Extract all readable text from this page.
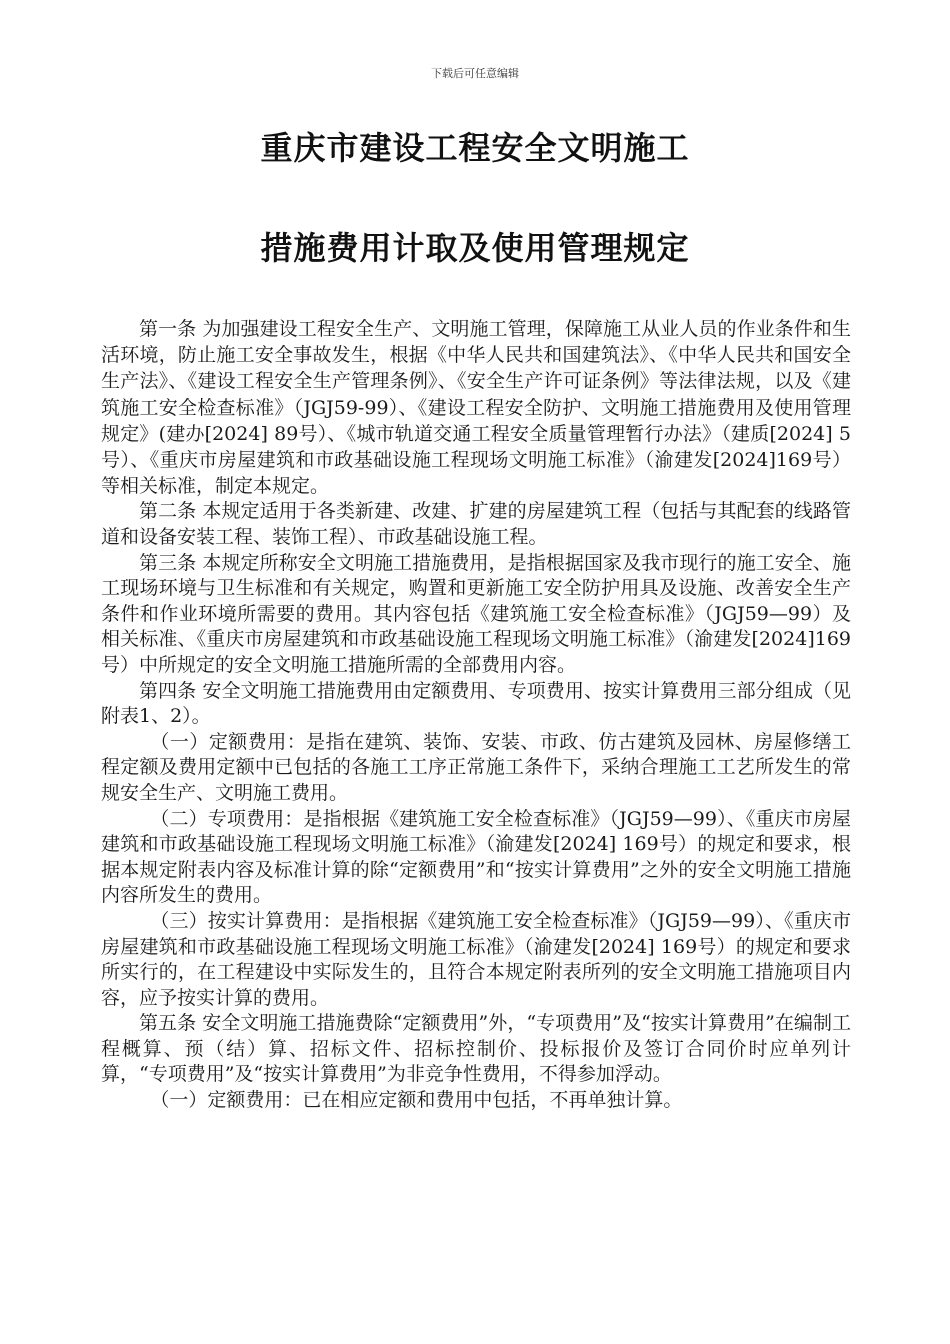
下载后可任意编辑
重庆市建设工程安全文明施工
措施费用计取及使用管理规定

第一条 为加强建设工程安全生产、文明施工管理，保障施工从业人员的作业条件和生活环境，防止施工安全事故发生，根据《中华人民共和国建筑法》、《中华人民共和国安全生产法》、《建设工程安全生产管理条例》、《安全生产许可证条例》等法律法规，以及《建筑施工安全检查标准》（JGJ59-99）、《建设工程安全防护、文明施工措施费用及使用管理规定》(建办[2024] 89号）、《城市轨道交通工程安全质量管理暂行办法》（建质[2024] 5号）、《重庆市房屋建筑和市政基础设施工程现场文明施工标准》（渝建发[2024]169号）等相关标准，制定本规定。

第二条 本规定适用于各类新建、改建、扩建的房屋建筑工程（包括与其配套的线路管道和设备安装工程、装饰工程）、市政基础设施工程。

第三条 本规定所称安全文明施工措施费用，是指根据国家及我市现行的施工安全、施工现场环境与卫生标准和有关规定，购置和更新施工安全防护用具及设施、改善安全生产条件和作业环境所需要的费用。其内容包括《建筑施工安全检查标准》（JGJ59—99）及相关标准、《重庆市房屋建筑和市政基础设施工程现场文明施工标准》（渝建发[2024]169号）中所规定的安全文明施工措施所需的全部费用内容。

第四条 安全文明施工措施费用由定额费用、专项费用、按实计算费用三部分组成（见附表1、2）。

（一）定额费用：是指在建筑、装饰、安装、市政、仿古建筑及园林、房屋修缮工程定额及费用定额中已包括的各施工工序正常施工条件下，采纳合理施工工艺所发生的常规安全生产、文明施工费用。

（二）专项费用：是指根据《建筑施工安全检查标准》（JGJ59—99）、《重庆市房屋建筑和市政基础设施工程现场文明施工标准》（渝建发[2024] 169号）的规定和要求，根据本规定附表内容及标准计算的除“定额费用”和“按实计算费用”之外的安全文明施工措施内容所发生的费用。

（三）按实计算费用：是指根据《建筑施工安全检查标准》（JGJ59—99）、《重庆市房屋建筑和市政基础设施工程现场文明施工标准》（渝建发[2024] 169号）的规定和要求所实行的，在工程建设中实际发生的，且符合本规定附表所列的安全文明施工措施项目内容，应予按实计算的费用。

第五条 安全文明施工措施费除“定额费用”外，“专项费用”及“按实计算费用”在编制工程概算、预（结）算、招标文件、招标控制价、投标报价及签订合同价时应单列计算，“专项费用”及“按实计算费用”为非竞争性费用，不得参加浮动。

（一）定额费用：已在相应定额和费用中包括，不再单独计算。
